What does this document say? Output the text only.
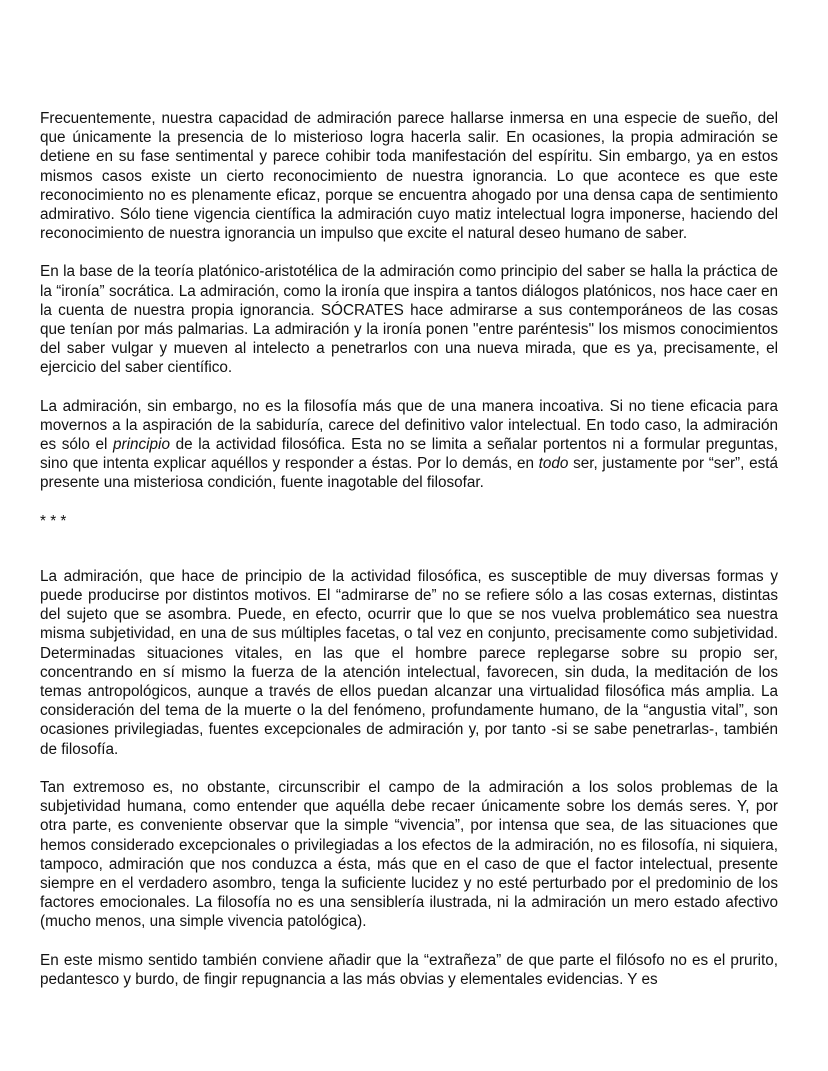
Frecuentemente, nuestra capacidad de admiración parece hallarse inmersa en una especie de sueño, del que únicamente la presencia de lo misterioso logra hacerla salir. En ocasiones, la propia admiración se detiene en su fase sentimental y parece cohibir toda manifestación del espíritu. Sin embargo, ya en estos mismos casos existe un cierto reconocimiento de nuestra ignorancia. Lo que acontece es que este reconocimiento no es plenamente eficaz, porque se encuentra ahogado por una densa capa de sentimiento admirativo. Sólo tiene vigencia científica la admiración cuyo matiz intelectual logra imponerse, haciendo del reconocimiento de nuestra ignorancia un impulso que excite el natural deseo humano de saber.

En la base de la teoría platónico-aristotélica de la admiración como principio del saber se halla la práctica de la “ironía” socrática. La admiración, como la ironía que inspira a tantos diálogos platónicos, nos hace caer en la cuenta de nuestra propia ignorancia. SÓCRATES hace admirarse a sus contemporáneos de las cosas que tenían por más palmarias. La admiración y la ironía ponen "entre paréntesis" los mismos conocimientos del saber vulgar y mueven al intelecto a penetrarlos con una nueva mirada, que es ya, precisamente, el ejercicio del saber científico.

La admiración, sin embargo, no es la filosofía más que de una manera incoativa. Si no tiene eficacia para movernos a la aspiración de la sabiduría, carece del definitivo valor intelectual. En todo caso, la admiración es sólo el principio de la actividad filosófica. Esta no se limita a señalar portentos ni a formular preguntas, sino que intenta explicar aquéllos y responder a éstas. Por lo demás, en todo ser, justamente por “ser”, está presente una misteriosa condición, fuente inagotable del filosofar.

* * *

La admiración, que hace de principio de la actividad filosófica, es susceptible de muy diversas formas y puede producirse por distintos motivos. El “admirarse de” no se refiere sólo a las cosas externas, distintas del sujeto que se asombra. Puede, en efecto, ocurrir que lo que se nos vuelva problemático sea nuestra misma subjetividad, en una de sus múltiples facetas, o tal vez en conjunto, precisamente como subjetividad. Determinadas situaciones vitales, en las que el hombre parece replegarse sobre su propio ser, concentrando en sí mismo la fuerza de la atención intelectual, favorecen, sin duda, la meditación de los temas antropológicos, aunque a través de ellos puedan alcanzar una virtualidad filosófica más amplia. La consideración del tema de la muerte o la del fenómeno, profundamente humano, de la “angustia vital”, son ocasiones privilegiadas, fuentes excepcionales de admiración y, por tanto -si se sabe penetrarlas-, también de filosofía.

Tan extremoso es, no obstante, circunscribir el campo de la admiración a los solos problemas de la subjetividad humana, como entender que aquélla debe recaer únicamente sobre los demás seres. Y, por otra parte, es conveniente observar que la simple “vivencia”, por intensa que sea, de las situaciones que hemos considerado excepcionales o privilegiadas a los efectos de la admiración, no es filosofía, ni siquiera, tampoco, admiración que nos conduzca a ésta, más que en el caso de que el factor intelectual, presente siempre en el verdadero asombro, tenga la suficiente lucidez y no esté perturbado por el predominio de los factores emocionales. La filosofía no es una sensiblería ilustrada, ni la admiración un mero estado afectivo (mucho menos, una simple vivencia patológica).

En este mismo sentido también conviene añadir que la “extrañeza” de que parte el filósofo no es el prurito, pedantesco y burdo, de fingir repugnancia a las más obvias y elementales evidencias. Y es
